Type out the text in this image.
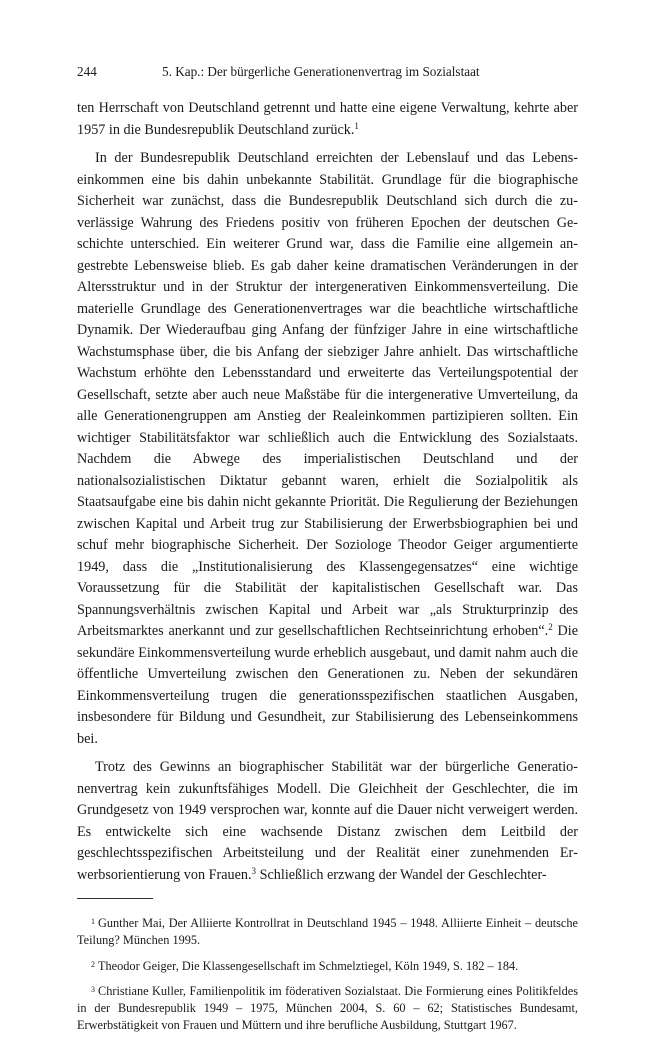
244	5. Kap.: Der bürgerliche Generationenvertrag im Sozialstaat

ten Herrschaft von Deutschland getrennt und hatte eine eigene Verwaltung, kehrte aber 1957 in die Bundesrepublik Deutschland zurück.$^1$

In der Bundesrepublik Deutschland erreichten der Lebenslauf und das Lebenseinkommen eine bis dahin unbekannte Stabilität. Grundlage für die biographische Sicherheit war zunächst, dass die Bundesrepublik Deutschland sich durch die zuverlässige Wahrung des Friedens positiv von früheren Epochen der deutschen Geschichte unterschied. Ein weiterer Grund war, dass die Familie eine allgemein angestrebte Lebensweise blieb. Es gab daher keine dramatischen Veränderungen in der Altersstruktur und in der Struktur der intergenerativen Einkommensverteilung. Die materielle Grundlage des Generationenvertrages war die beachtliche wirtschaftliche Dynamik. Der Wiederaufbau ging Anfang der fünfziger Jahre in eine wirtschaftliche Wachstumsphase über, die bis Anfang der siebziger Jahre anhielt. Das wirtschaftliche Wachstum erhöhte den Lebensstandard und erweiterte das Verteilungspotential der Gesellschaft, setzte aber auch neue Maßstäbe für die intergenerative Umverteilung, da alle Generationengruppen am Anstieg der Realeinkommen partizipieren sollten. Ein wichtiger Stabilitätsfaktor war schließlich auch die Entwicklung des Sozialstaats. Nachdem die Abwege des imperialistischen Deutschland und der nationalsozialistischen Diktatur gebannt waren, erhielt die Sozialpolitik als Staatsaufgabe eine bis dahin nicht gekannte Priorität. Die Regulierung der Beziehungen zwischen Kapital und Arbeit trug zur Stabilisierung der Erwerbsbiographien bei und schuf mehr biographische Sicherheit. Der Soziologe Theodor Geiger argumentierte 1949, dass die „Institutionalisierung des Klassengegensatzes“ eine wichtige Voraussetzung für die Stabilität der kapitalistischen Gesellschaft war. Das Spannungsverhältnis zwischen Kapital und Arbeit war „als Strukturprinzip des Arbeitsmarktes anerkannt und zur gesellschaftlichen Rechtseinrichtung erhoben“.$^2$ Die sekundäre Einkommensverteilung wurde erheblich ausgebaut, und damit nahm auch die öffentliche Umverteilung zwischen den Generationen zu. Neben der sekundären Einkommensverteilung trugen die generationsspezifischen staatlichen Ausgaben, insbesondere für Bildung und Gesundheit, zur Stabilisierung des Lebenseinkommens bei.

Trotz des Gewinns an biographischer Stabilität war der bürgerliche Generationenvertrag kein zukunftsfähiges Modell. Die Gleichheit der Geschlechter, die im Grundgesetz von 1949 versprochen war, konnte auf die Dauer nicht verweigert werden. Es entwickelte sich eine wachsende Distanz zwischen dem Leitbild der geschlechtsspezifischen Arbeitsteilung und der Realität einer zunehmenden Erwerbsorientierung von Frauen.$^3$ Schließlich erzwang der Wandel der Geschlechter-

$^1$ Gunther Mai, Der Alliierte Kontrollrat in Deutschland 1945 – 1948. Alliierte Einheit – deutsche Teilung? München 1995.

$^2$ Theodor Geiger, Die Klassengesellschaft im Schmelztiegel, Köln 1949, S. 182 – 184.

$^3$ Christiane Kuller, Familienpolitik im föderativen Sozialstaat. Die Formierung eines Politikfeldes in der Bundesrepublik 1949 – 1975, München 2004, S. 60 – 62; Statistisches Bundesamt, Erwerbstätigkeit von Frauen und Müttern und ihre berufliche Ausbildung, Stuttgart 1967.
